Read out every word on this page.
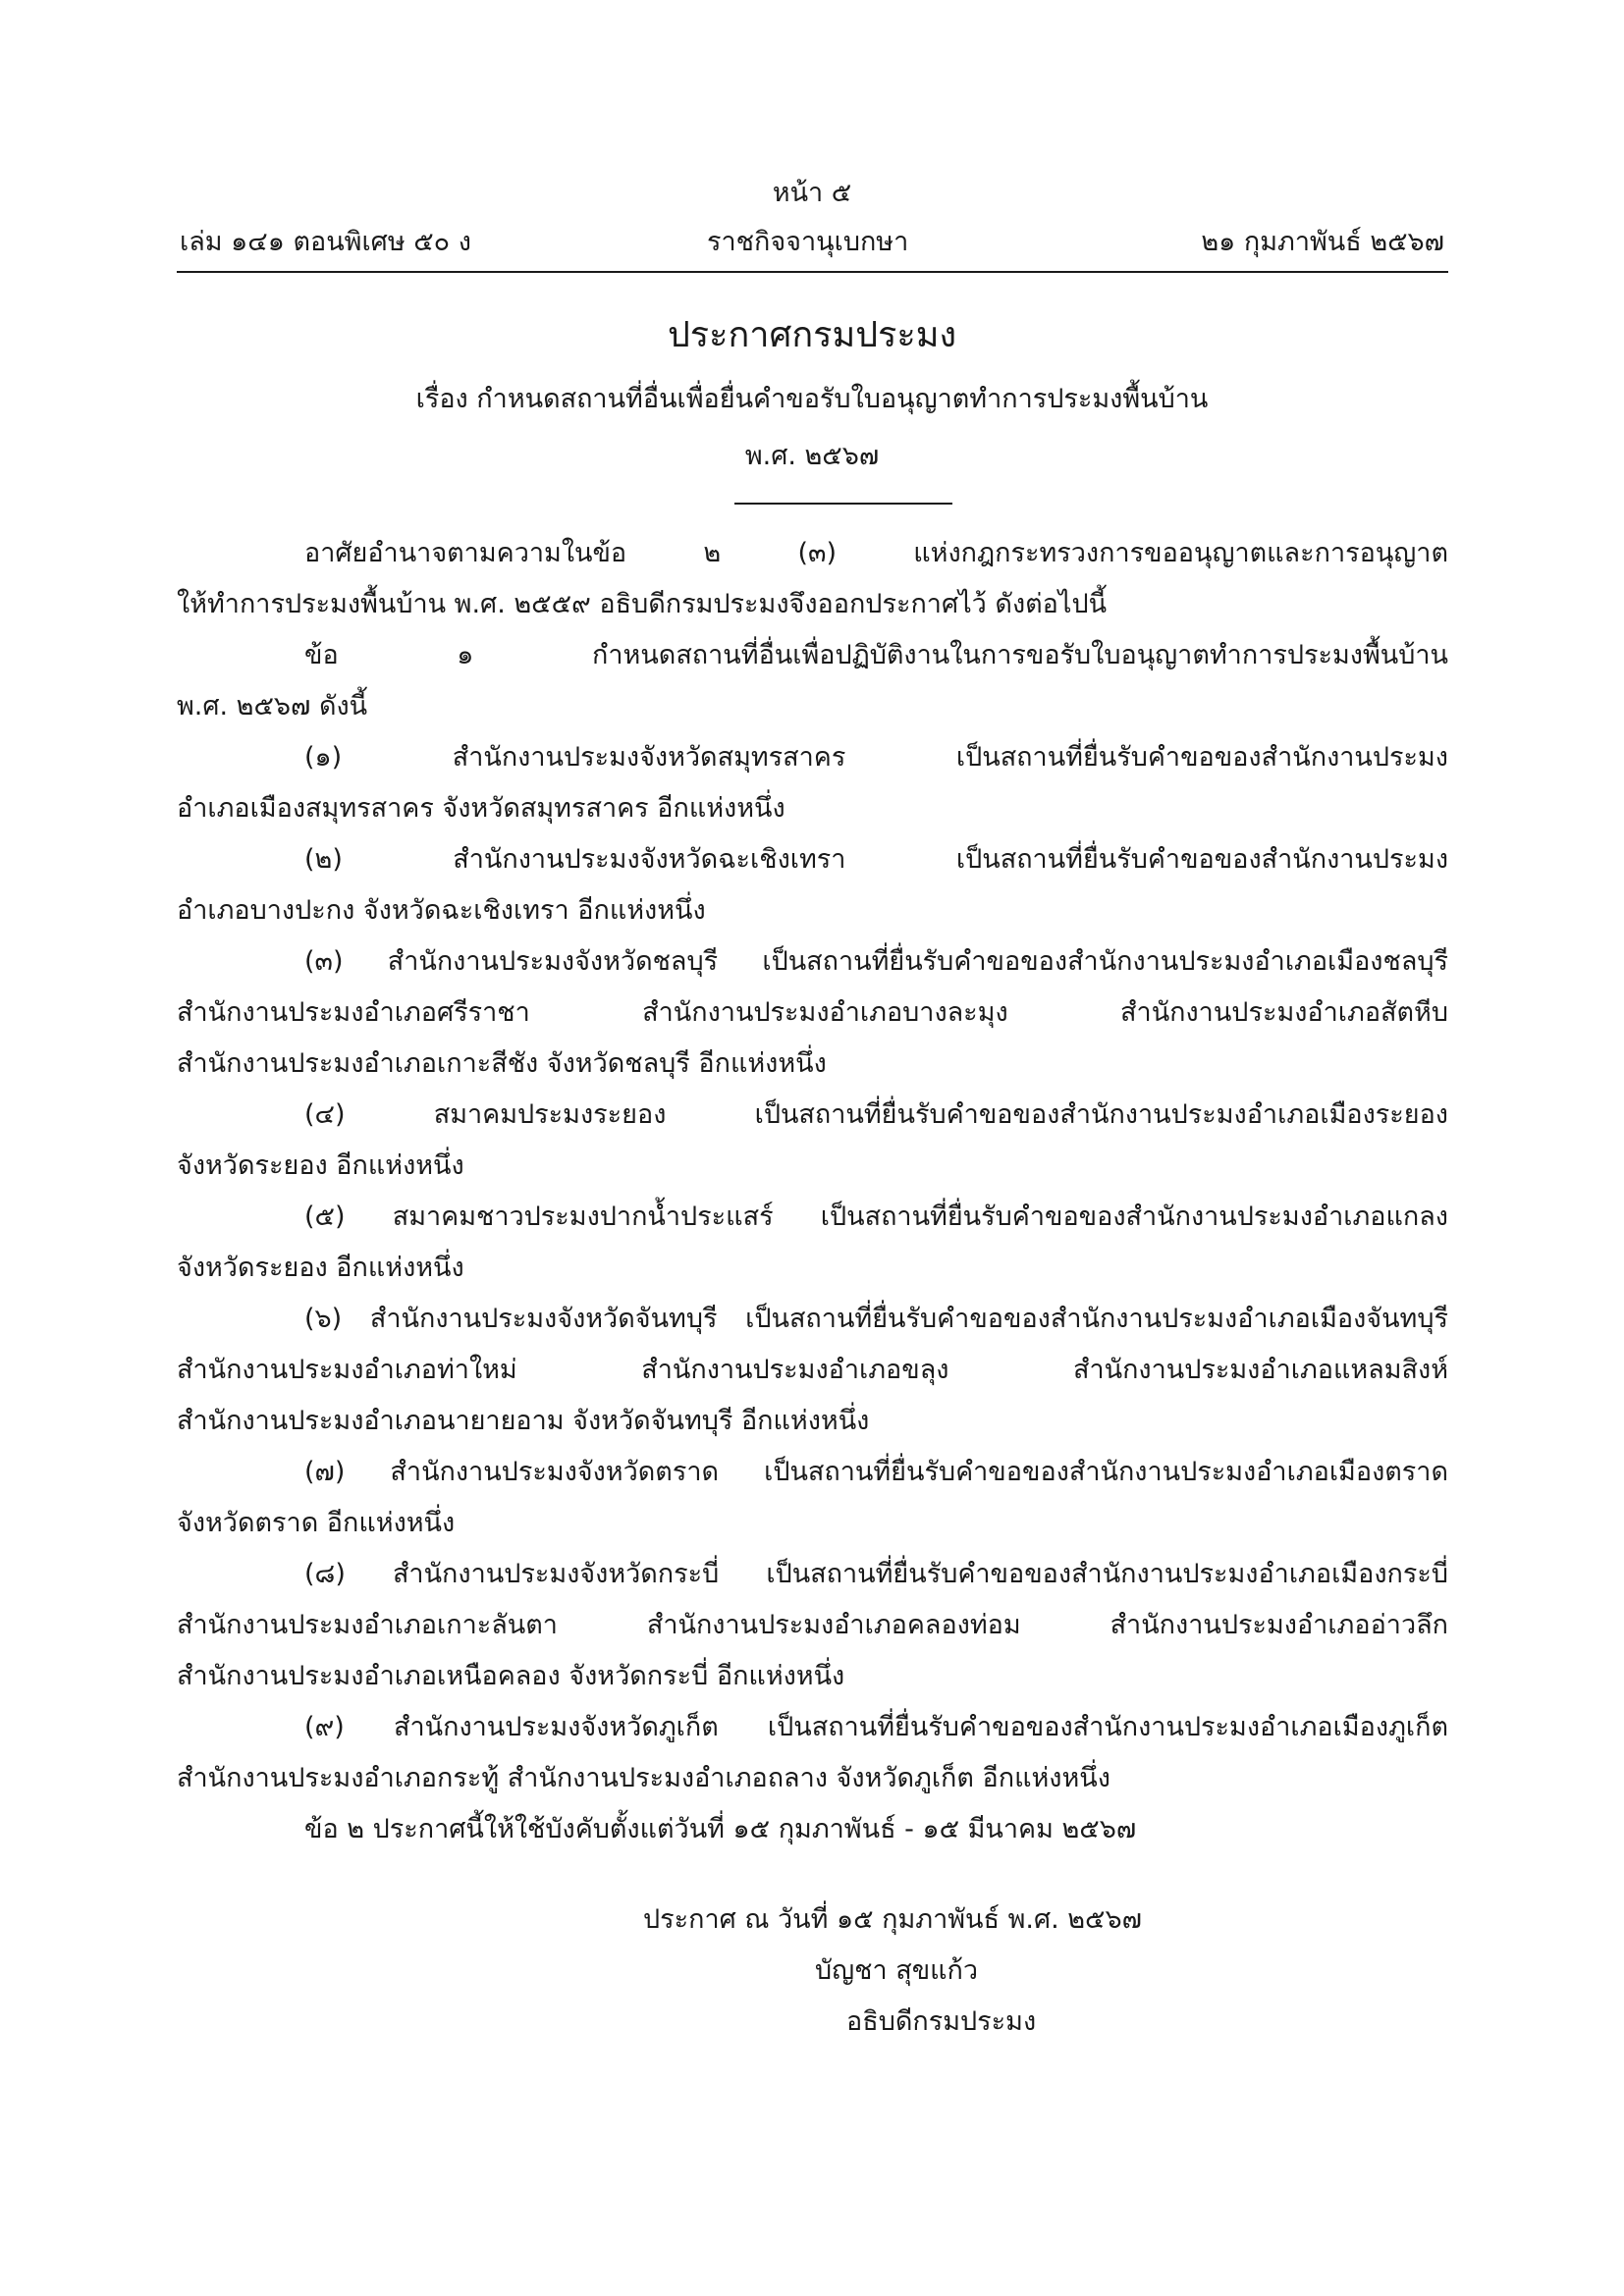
หน้า ๕
เล่ม ๑๔๑ ตอนพิเศษ ๕๐ ง	ราชกิจจานุเบกษา	๒๑ กุมภาพันธ์ ๒๕๖๗
ประกาศกรมประมง
เรื่อง กำหนดสถานที่อื่นเพื่อยื่นคำขอรับใบอนุญาตทำการประมงพื้นบ้าน
พ.ศ. ๒๕๖๗
อาศัยอำนาจตามความในข้อ ๒ (๓) แห่งกฎกระทรวงการขออนุญาตและการอนุญาต
ให้ทำการประมงพื้นบ้าน พ.ศ. ๒๕๕๙ อธิบดีกรมประมงจึงออกประกาศไว้ ดังต่อไปนี้
ข้อ ๑ กำหนดสถานที่อื่นเพื่อปฏิบัติงานในการขอรับใบอนุญาตทำการประมงพื้นบ้าน
พ.ศ. ๒๕๖๗ ดังนี้
(๑) สำนักงานประมงจังหวัดสมุทรสาคร เป็นสถานที่ยื่นรับคำขอของสำนักงานประมง
อำเภอเมืองสมุทรสาคร จังหวัดสมุทรสาคร อีกแห่งหนึ่ง
(๒) สำนักงานประมงจังหวัดฉะเชิงเทรา เป็นสถานที่ยื่นรับคำขอของสำนักงานประมง
อำเภอบางปะกง จังหวัดฉะเชิงเทรา อีกแห่งหนึ่ง
(๓) สำนักงานประมงจังหวัดชลบุรี เป็นสถานที่ยื่นรับคำขอของสำนักงานประมงอำเภอเมืองชลบุรี
สำนักงานประมงอำเภอศรีราชา สำนักงานประมงอำเภอบางละมุง สำนักงานประมงอำเภอสัตหีบ
สำนักงานประมงอำเภอเกาะสีชัง จังหวัดชลบุรี อีกแห่งหนึ่ง
(๔) สมาคมประมงระยอง เป็นสถานที่ยื่นรับคำขอของสำนักงานประมงอำเภอเมืองระยอง
จังหวัดระยอง อีกแห่งหนึ่ง
(๕) สมาคมชาวประมงปากน้ำประแสร์ เป็นสถานที่ยื่นรับคำขอของสำนักงานประมงอำเภอแกลง
จังหวัดระยอง อีกแห่งหนึ่ง
(๖) สำนักงานประมงจังหวัดจันทบุรี เป็นสถานที่ยื่นรับคำขอของสำนักงานประมงอำเภอเมืองจันทบุรี
สำนักงานประมงอำเภอท่าใหม่ สำนักงานประมงอำเภอขลุง สำนักงานประมงอำเภอแหลมสิงห์
สำนักงานประมงอำเภอนายายอาม จังหวัดจันทบุรี อีกแห่งหนึ่ง
(๗) สำนักงานประมงจังหวัดตราด เป็นสถานที่ยื่นรับคำขอของสำนักงานประมงอำเภอเมืองตราด
จังหวัดตราด อีกแห่งหนึ่ง
(๘) สำนักงานประมงจังหวัดกระบี่ เป็นสถานที่ยื่นรับคำขอของสำนักงานประมงอำเภอเมืองกระบี่
สำนักงานประมงอำเภอเกาะลันตา สำนักงานประมงอำเภอคลองท่อม สำนักงานประมงอำเภออ่าวลึก
สำนักงานประมงอำเภอเหนือคลอง จังหวัดกระบี่ อีกแห่งหนึ่ง
(๙) สำนักงานประมงจังหวัดภูเก็ต เป็นสถานที่ยื่นรับคำขอของสำนักงานประมงอำเภอเมืองภูเก็ต
สำนักงานประมงอำเภอกระทู้ สำนักงานประมงอำเภอถลาง จังหวัดภูเก็ต อีกแห่งหนึ่ง
ข้อ ๒ ประกาศนี้ให้ใช้บังคับตั้งแต่วันที่ ๑๕ กุมภาพันธ์ - ๑๕ มีนาคม ๒๕๖๗
ประกาศ ณ วันที่ ๑๕ กุมภาพันธ์ พ.ศ. ๒๕๖๗
บัญชา สุขแก้ว
อธิบดีกรมประมง
